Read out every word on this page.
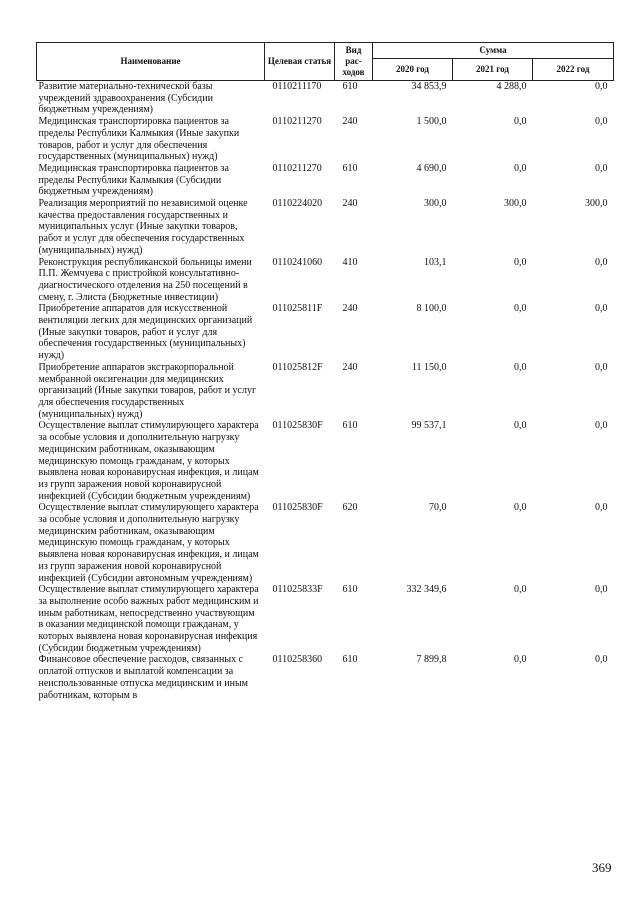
Наименование	Целевая статья	Вид рас-ходов	Сумма		
			2020 год	2021 год	2022 год
Развитие материально-технической базы учреждений здравоохранения (Субсидии бюджетным учреждениям)	0110211170	610	34 853,9	4 288,0	0,0
Медицинская транспортировка пациентов за пределы Республики Калмыкия (Иные закупки товаров, работ и услуг для обеспечения государственных (муниципальных) нужд)	0110211270	240	1 500,0	0,0	0,0
Медицинская транспортировка пациентов за пределы Республики Калмыкия (Субсидии бюджетным учреждениям)	0110211270	610	4 690,0	0,0	0,0
Реализация мероприятий по независимой оценке качества предоставления государственных и муниципальных услуг (Иные закупки товаров, работ и услуг для обеспечения государственных (муниципальных) нужд)	0110224020	240	300,0	300,0	300,0
Реконструкция республиканской больницы имени П.П. Жемчуева с пристройкой консультативно-диагностического отделения на 250 посещений в смену, г. Элиста (Бюджетные инвестиции)	0110241060	410	103,1	0,0	0,0
Приобретение аппаратов для искусственной вентиляции легких для медицинских организаций (Иные закупки товаров, работ и услуг для обеспечения государственных (муниципальных) нужд)	011025811F	240	8 100,0	0,0	0,0
Приобретение аппаратов экстракорпоральной мембранной оксигенации для медицинских организаций (Иные закупки товаров, работ и услуг для обеспечения государственных (муниципальных) нужд)	011025812F	240	11 150,0	0,0	0,0
Осуществление выплат стимулирующего характера за особые условия и дополнительную нагрузку медицинским работникам, оказывающим медицинскую помощь гражданам, у которых выявлена новая коронавирусная инфекция, и лицам из групп заражения новой коронавирусной инфекцией (Субсидии бюджетным учреждениям)	011025830F	610	99 537,1	0,0	0,0
Осуществление выплат стимулирующего характера за особые условия и дополнительную нагрузку медицинским работникам, оказывающим медицинскую помощь гражданам, у которых выявлена новая коронавирусная инфекция, и лицам из групп заражения новой коронавирусной инфекцией (Субсидии автономным учреждениям)	011025830F	620	70,0	0,0	0,0
Осуществление выплат стимулирующего характера за выполнение особо важных работ медицинским и иным работникам, непосредственно участвующим в оказании медицинской помощи гражданам, у которых выявлена новая коронавирусная инфекция (Субсидии бюджетным учреждениям)	011025833F	610	332 349,6	0,0	0,0
Финансовое обеспечение расходов, связанных с оплатой отпусков и выплатой компенсации за неиспользованные отпуска медицинским и иным работникам, которым в	0110258360	610	7 899,8	0,0	0,0
369
